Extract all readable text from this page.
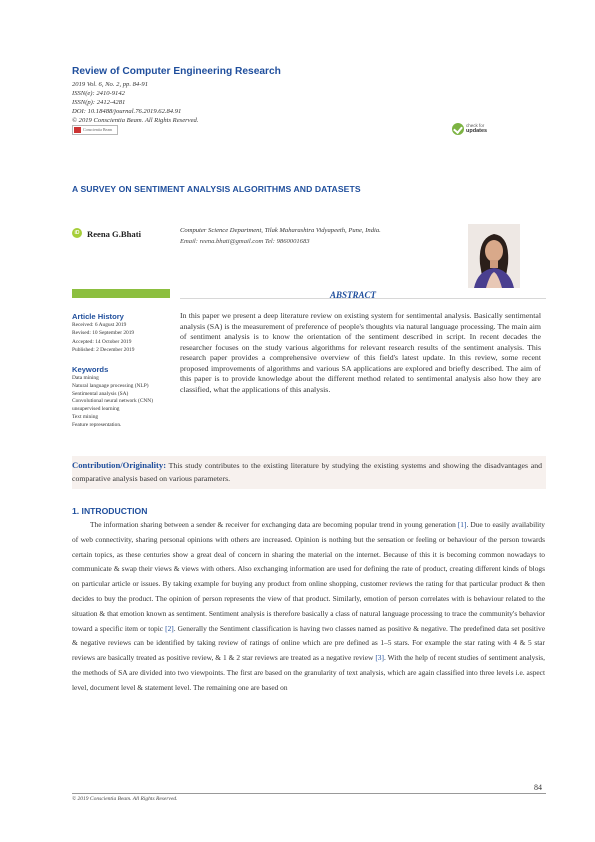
Review of Computer Engineering Research
2019 Vol. 6, No. 2, pp. 84-91
ISSN(e): 2410-9142
ISSN(p): 2412-4281
DOI: 10.18488/journal.76.2019.62.84.91
© 2019 Conscientia Beam. All Rights Reserved.
Conscientia Beam
check for
updates
A SURVEY ON SENTIMENT ANALYSIS ALGORITHMS AND DATASETS
iD Reena G.Bhati	Computer Science Department, Tilak Maharashtra Vidyapeeth, Pune, India.
Email: reena.bhati@gmail.com Tel: 9860001683
ABSTRACT
Article History
Received: 6 August 2019
Revised: 10 September 2019
Accepted: 14 October 2019
Published: 2 December 2019
Keywords
Data mining
Natural language processing (NLP)
Sentimental analysis (SA)
Convolutional neural network (CNN) unsupervised learning
Text mining
Feature representation.
In this paper we present a deep literature review on existing system for sentimental analysis. Basically sentimental analysis (SA) is the measurement of preference of people's thoughts via natural language processing. The main aim of sentiment analysis is to know the orientation of the sentiment described in script. In recent decades the researcher focuses on the study various algorithms for relevant research results of the sentiment analysis. This research paper provides a comprehensive overview of this field's latest update. In this review, some recent proposed improvements of algorithms and various SA applications are explored and briefly described. The aim of this paper is to provide knowledge about the different method related to sentimental analysis also how they are classified, what the applications of this analysis.

Contribution/Originality: This study contributes to the existing literature by studying the existing systems and showing the disadvantages and comparative analysis based on various parameters.

1. INTRODUCTION

The information sharing between a sender & receiver for exchanging data are becoming popular trend in young generation [1]. Due to easily availability of web connectivity, sharing personal opinions with others are increased. Opinion is nothing but the sensation or feeling or behaviour of the person towards certain topics, as these centuries show a great deal of concern in sharing the material on the internet. Because of this it is becoming common nowadays to communicate & swap their views & views with others. Also exchanging information are used for defining the rate of product, creating different kinds of blogs on particular article or issues. By taking example for buying any product from online shopping, customer reviews the rating for that particular product & then decides to buy the product. The opinion of person represents the view of that product. Similarly, emotion of person correlates with is behaviour related to the situation & that emotion known as sentiment. Sentiment analysis is therefore basically a class of natural language processing to trace the community's behavior toward a specific item or topic [2]. Generally the Sentiment classification is having two classes named as positive & negative. The predefined data set positive & negative reviews can be identified by taking review of ratings of online which are pre defined as 1–5 stars. For example the star rating with 4 & 5 star reviews are basically treated as positive review, & 1 & 2 star reviews are treated as a negative review [3]. With the help of recent studies of sentiment analysis, the methods of SA are divided into two viewpoints. The first are based on the granularity of text analysis, which are again classified into three levels i.e. aspect level, document level & statement level. The remaining one are based on

84
© 2019 Conscientia Beam. All Rights Reserved.
